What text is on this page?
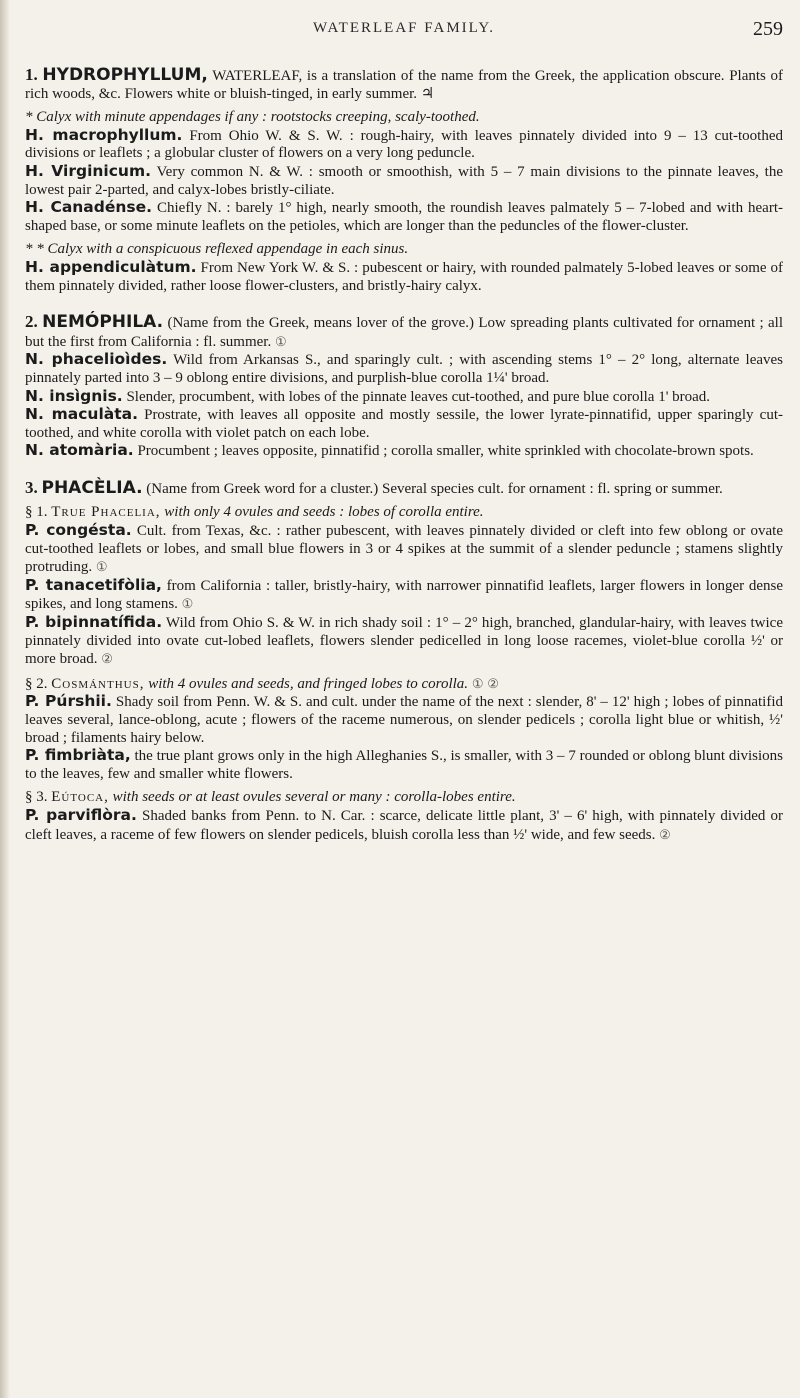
WATERLEAF FAMILY.	259

1. HYDROPHYLLUM, WATERLEAF, is a translation of the name from the Greek, the application obscure. Plants of rich woods, &c. Flowers white or bluish-tinged, in early summer. ♃

* Calyx with minute appendages if any : rootstocks creeping, scaly-toothed.

H. macrophyllum. From Ohio W. & S. W. : rough-hairy, with leaves pinnately divided into 9 – 13 cut-toothed divisions or leaflets ; a globular cluster of flowers on a very long peduncle.

H. Virginicum. Very common N. & W. : smooth or smoothish, with 5 – 7 main divisions to the pinnate leaves, the lowest pair 2-parted, and calyx-lobes bristly-ciliate.

H. Canadénse. Chiefly N. : barely 1° high, nearly smooth, the roundish leaves palmately 5 – 7-lobed and with heart-shaped base, or some minute leaflets on the petioles, which are longer than the peduncles of the flower-cluster.

* * Calyx with a conspicuous reflexed appendage in each sinus.

H. appendiculàtum. From New York W. & S. : pubescent or hairy, with rounded palmately 5-lobed leaves or some of them pinnately divided, rather loose flower-clusters, and bristly-hairy calyx.

2. NEMÓPHILA. (Name from the Greek, means lover of the grove.) Low spreading plants cultivated for ornament ; all but the first from California : fl. summer. ①

N. phacelioìdes. Wild from Arkansas S., and sparingly cult. ; with ascending stems 1° – 2° long, alternate leaves pinnately parted into 3 – 9 oblong entire divisions, and purplish-blue corolla 1¼' broad.

N. insìgnis. Slender, procumbent, with lobes of the pinnate leaves cut-toothed, and pure blue corolla 1' broad.

N. maculàta. Prostrate, with leaves all opposite and mostly sessile, the lower lyrate-pinnatifid, upper sparingly cut-toothed, and white corolla with violet patch on each lobe.

N. atomària. Procumbent ; leaves opposite, pinnatifid ; corolla smaller, white sprinkled with chocolate-brown spots.

3. PHACÈLIA. (Name from Greek word for a cluster.) Several species cult. for ornament : fl. spring or summer.

§ 1. True Phacelia, with only 4 ovules and seeds : lobes of corolla entire.

P. congésta. Cult. from Texas, &c. : rather pubescent, with leaves pinnately divided or cleft into few oblong or ovate cut-toothed leaflets or lobes, and small blue flowers in 3 or 4 spikes at the summit of a slender peduncle ; stamens slightly protruding. ①

P. tanacetifòlia, from California : taller, bristly-hairy, with narrower pinnatifid leaflets, larger flowers in longer dense spikes, and long stamens. ①

P. bipinnatífida. Wild from Ohio S. & W. in rich shady soil : 1° – 2° high, branched, glandular-hairy, with leaves twice pinnately divided into ovate cut-lobed leaflets, flowers slender pedicelled in long loose racemes, violet-blue corolla ½' or more broad. ②

§ 2. Cosmánthus, with 4 ovules and seeds, and fringed lobes to corolla. ① ②

P. Púrshii. Shady soil from Penn. W. & S. and cult. under the name of the next : slender, 8' – 12' high ; lobes of pinnatifid leaves several, lance-oblong, acute ; flowers of the raceme numerous, on slender pedicels ; corolla light blue or whitish, ½' broad ; filaments hairy below.

P. fimbriàta, the true plant grows only in the high Alleghanies S., is smaller, with 3 – 7 rounded or oblong blunt divisions to the leaves, few and smaller white flowers.

§ 3. Eútoca, with seeds or at least ovules several or many : corolla-lobes entire.

P. parviflòra. Shaded banks from Penn. to N. Car. : scarce, delicate little plant, 3' – 6' high, with pinnately divided or cleft leaves, a raceme of few flowers on slender pedicels, bluish corolla less than ½' wide, and few seeds. ②
